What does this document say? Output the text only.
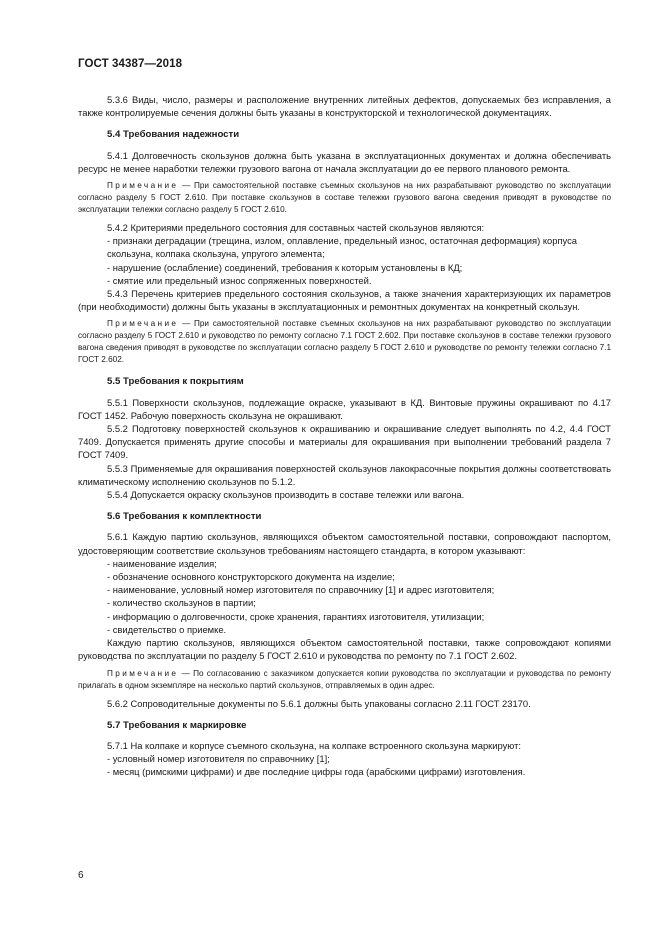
ГОСТ 34387—2018

5.3.6 Виды, число, размеры и расположение внутренних литейных дефектов, допускаемых без исправления, а также контролируемые сечения должны быть указаны в конструкторской и технологической документациях.

5.4 Требования надежности

5.4.1 Долговечность скользунов должна быть указана в эксплуатационных документах и должна обеспечивать ресурс не менее наработки тележки грузового вагона от начала эксплуатации до ее первого планового ремонта.

Примечание — При самостоятельной поставке съемных скользунов на них разрабатывают руководство по эксплуатации согласно разделу 5 ГОСТ 2.610. При поставке скользунов в составе тележки грузового вагона сведения приводят в руководстве по эксплуатации тележки согласно разделу 5 ГОСТ 2.610.

5.4.2 Критериями предельного состояния для составных частей скользунов являются:

- признаки деградации (трещина, излом, оплавление, предельный износ, остаточная деформация) корпуса скользуна, колпака скользуна, упругого элемента;

- нарушение (ослабление) соединений, требования к которым установлены в КД;

- смятие или предельный износ сопряженных поверхностей.

5.4.3 Перечень критериев предельного состояния скользунов, а также значения характеризующих их параметров (при необходимости) должны быть указаны в эксплуатационных и ремонтных документах на конкретный скользун.

Примечание — При самостоятельной поставке съемных скользунов на них разрабатывают руководство по эксплуатации согласно разделу 5 ГОСТ 2.610 и руководство по ремонту согласно 7.1 ГОСТ 2.602. При поставке скользунов в составе тележки грузового вагона сведения приводят в руководстве по эксплуатации согласно разделу 5 ГОСТ 2.610 и руководстве по ремонту тележки согласно 7.1 ГОСТ 2.602.

5.5 Требования к покрытиям

5.5.1 Поверхности скользунов, подлежащие окраске, указывают в КД. Винтовые пружины окрашивают по 4.17 ГОСТ 1452. Рабочую поверхность скользуна не окрашивают.

5.5.2 Подготовку поверхностей скользунов к окрашиванию и окрашивание следует выполнять по 4.2, 4.4 ГОСТ 7409. Допускается применять другие способы и материалы для окрашивания при выполнении требований раздела 7 ГОСТ 7409.

5.5.3 Применяемые для окрашивания поверхностей скользунов лакокрасочные покрытия должны соответствовать климатическому исполнению скользунов по 5.1.2.

5.5.4 Допускается окраску скользунов производить в составе тележки или вагона.

5.6 Требования к комплектности

5.6.1 Каждую партию скользунов, являющихся объектом самостоятельной поставки, сопровождают паспортом, удостоверяющим соответствие скользунов требованиям настоящего стандарта, в котором указывают:

- наименование изделия;

- обозначение основного конструкторского документа на изделие;

- наименование, условный номер изготовителя по справочнику [1] и адрес изготовителя;

- количество скользунов в партии;

- информацию о долговечности, сроке хранения, гарантиях изготовителя, утилизации;

- свидетельство о приемке.

Каждую партию скользунов, являющихся объектом самостоятельной поставки, также сопровождают копиями руководства по эксплуатации по разделу 5 ГОСТ 2.610 и руководства по ремонту по 7.1 ГОСТ 2.602.

Примечание — По согласованию с заказчиком допускается копии руководства по эксплуатации и руководства по ремонту прилагать в одном экземпляре на несколько партий скользунов, отправляемых в один адрес.

5.6.2 Сопроводительные документы по 5.6.1 должны быть упакованы согласно 2.11 ГОСТ 23170.

5.7 Требования к маркировке

5.7.1 На колпаке и корпусе съемного скользуна, на колпаке встроенного скользуна маркируют:

- условный номер изготовителя по справочнику [1];

- месяц (римскими цифрами) и две последние цифры года (арабскими цифрами) изготовления.

6
